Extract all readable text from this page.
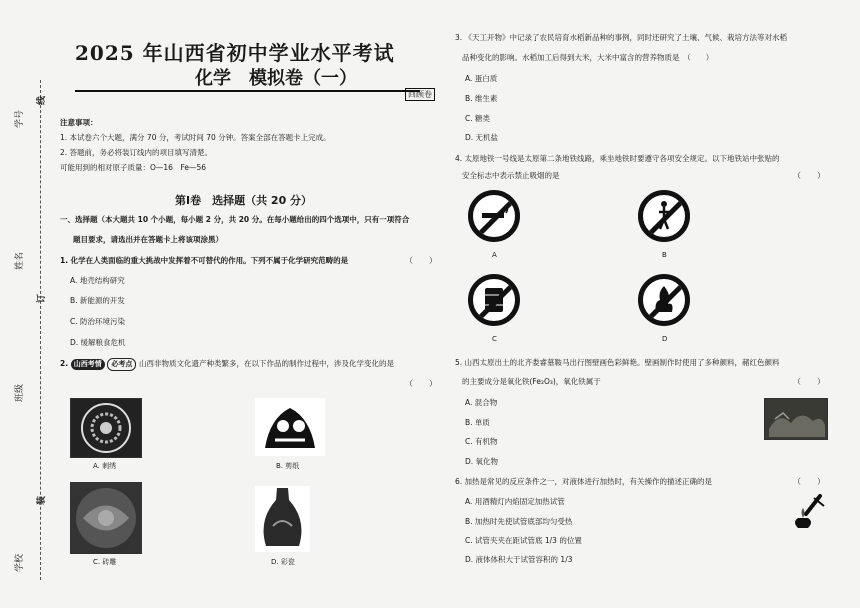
学校
班级
姓名
学号
装
订
线
2025 年山西省初中学业水平考试
化学　模拟卷（一）
回顾卷
注意事项：
1. 本试卷六个大题，满分 70 分，考试时间 70 分钟。答案全部在答题卡上完成。
2. 答题前，务必将装订线内的项目填写清楚。
可能用到的相对原子质量：O—16　Fe—56
第Ⅰ卷　选择题（共 20 分）
一、选择题（本大题共 10 个小题，每小题 2 分，共 20 分。在每小题给出的四个选项中，只有一项符合
题目要求，请选出并在答题卡上将该项涂黑）
1. 化学在人类面临的重大挑战中发挥着不可替代的作用。下列不属于化学研究范畴的是	（　　）
A. 地壳结构研究
B. 新能源的开发
C. 防治环境污染
D. 缓解粮食危机
2. 山西考情 必考点 山西非物质文化遗产种类繁多，在以下作品的制作过程中，涉及化学变化的是
（　　）
A. 刺绣	B. 剪纸
C. 砖雕	D. 彩瓷
3. 《天工开物》中记录了农民培育水稻新品种的事例，同时还研究了土壤、气候、栽培方法等对水稻
品种变化的影响。水稻加工后得到大米，大米中富含的营养物质是　（　　）
A. 蛋白质
B. 维生素
C. 糖类
D. 无机盐
4. 太原地铁一号线是太原第二条地铁线路，乘坐地铁时要遵守各项安全规定。以下地铁站中张贴的
安全标志中表示禁止吸烟的是	（　　）
A	B
C	D
5. 山西太原出土的北齐娄睿墓鞍马出行图壁画色彩鲜艳。壁画制作时使用了多种颜料，赭红色颜料
的主要成分是氧化铁(Fe₂O₃)，氧化铁属于	（　　）
A. 混合物
B. 单质
C. 有机物
D. 氧化物
6. 加热是常见的反应条件之一，对液体进行加热时，有关操作的描述正确的是	（　　）
A. 用酒精灯内焰固定加热试管
B. 加热时先使试管底部均匀受热
C. 试管夹夹在距试管底 1/3 的位置
D. 液体体积大于试管容积的 1/3
